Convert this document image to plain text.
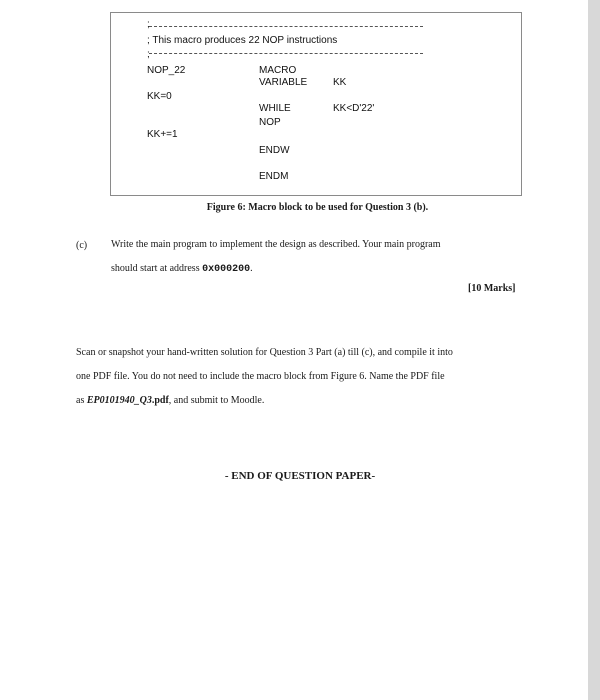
;
; This macro produces 22 NOP instructions
;
NOP_22	MACRO
VARIABLE	KK
KK=0
WHILE	KK<D'22'
NOP
KK+=1
ENDW
ENDM
Figure 6: Macro block to be used for Question 3 (b).
(c) Write the main program to implement the design as described. Your main program
should start at address 0x000200.
[10 Marks]
Scan or snapshot your hand-written solution for Question 3 Part (a) till (c), and compile it into
one PDF file. You do not need to include the macro block from Figure 6. Name the PDF file
as EP0101940_Q3.pdf, and submit to Moodle.
- END OF QUESTION PAPER-
